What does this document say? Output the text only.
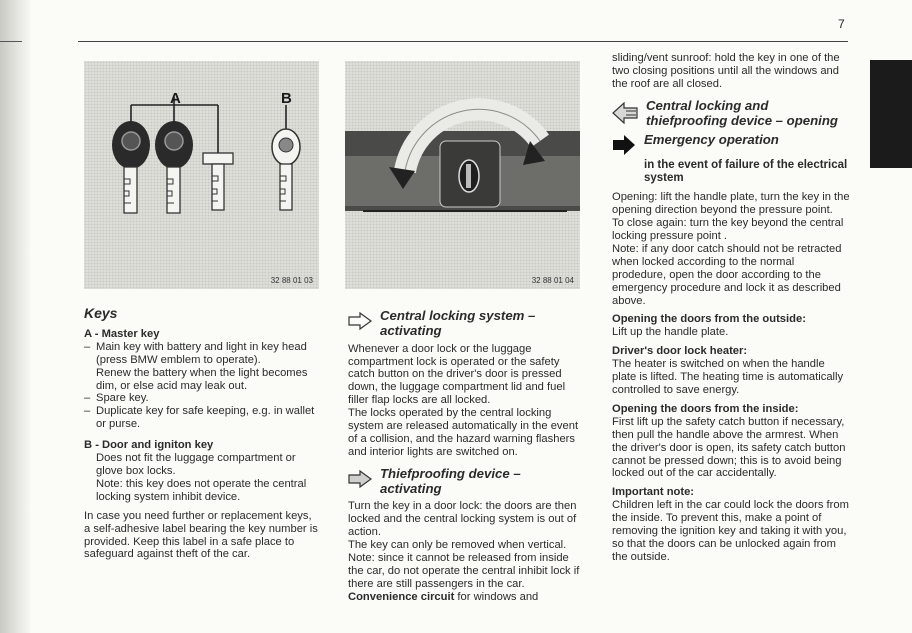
7
A	B
32 88 01 03	32 88 01 04

Keys

A - Master key

– Main key with battery and light in key head (press BMW emblem to operate).

Renew the battery when the light becomes dim, or else acid may leak out.

– Spare key.

– Duplicate key for safe keeping, e.g. in wallet or purse.

B - Door and igniton key

Does not fit the luggage compartment or glove box locks.

Note: this key does not operate the central locking system inhibit device.

In case you need further or replacement keys, a self-adhesive label bearing the key number is provided. Keep this label in a safe place to safeguard against theft of the car.

Central locking system –
activating

Whenever a door lock or the luggage compartment lock is operated or the safety catch button on the driver's door is pressed down, the luggage compartment lid and fuel filler flap locks are all locked.

The locks operated by the central locking system are released automatically in the event of a collision, and the hazard warning flashers and interior lights are switched on.

Thiefproofing device –
activating

Turn the key in a door lock: the doors are then locked and the central locking system is out of action.

The key can only be removed when vertical.

Note: since it cannot be released from inside the car, do not operate the central inhibit lock if there are still passengers in the car.

Convenience circuit for windows and

sliding/vent sunroof: hold the key in one of the two closing positions until all the windows and the roof are all closed.

Central locking and
thiefproofing device – opening
Emergency operation

in the event of failure of the electrical

system

Opening: lift the handle plate, turn the key in the opening direction beyond the pressure point.

To close again: turn the key beyond the central locking pressure point .

Note: if any door catch should not be retracted when locked according to the normal prodedure, open the door according to the emergency procedure and lock it as described above.

Opening the doors from the outside:

Lift up the handle plate.

Driver's door lock heater:

The heater is switched on when the handle plate is lifted. The heating time is automatically controlled to save energy.

Opening the doors from the inside:

First lift up the safety catch button if necessary, then pull the handle above the armrest. When the driver's door is open, its safety catch button cannot be pressed down; this is to avoid being locked out of the car accidentally.

Important note:

Children left in the car could lock the doors from the inside. To prevent this, make a point of removing the ignition key and taking it with you, so that the doors can be unlocked again from the outside.
